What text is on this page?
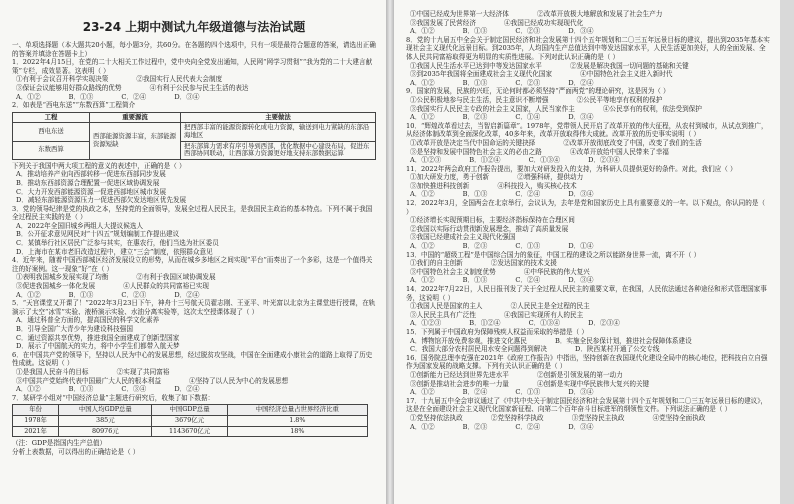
23-24 上期中测试九年级道德与法治试题

一、单项选择题（本大题共20小题，每小题3分，共60分。在各题的四个选项中，只有一项是最符合题意的答案，请选出正确的答案并填涂在答题卡上）

1．2022年4月15日，在党的二十大相关工作过程中，党中央向全党发出通知，人民网“网学习贯彻”“我为党的二十大建言献策”专栏，成效显著。这表明（ ）

①有利于会议召开科学实现决策	②我国实行人民代表大会制度
③保证会议能够用好群众路线的优势	④有利于公民参与民主生活的表达

A．①②	B．①③	C．②④	D．③④

2．如表是“西电东送”“东数西算”工程简介

工程	重要源流	主要做法
西电东送	西部能源资源丰富，东部能源资源短缺	把西部丰富的能源资源转化成电力资源，输送到电力紧缺的东部沿海地区
东数西算		把东部算力需求有序引导到西部，优化数据中心建设布局，促进东西部协同联动，让西部算力资源更好地支持东部数据运算

下列关于我国中两大项工程的意义的表述中，正确的是（ ）

A．推动培养产业向西部转移一促进东西部同步发展

B．推动东西部资源合理配置一促进区域协调发展

C．大力开发西部能源资源一促进西部地区城市发展

D．减轻东部能源资源压力一促进西部欠发达地区优先发展

3．党的领导纪律是党的执政之本，坚持党的全面领导，发展全过程人民民主，是我国民主政治的基本特点。下列不属于我国全过程民主实践的是（ ）

A．2022年全国旧城乡两组人大提议候选人

B．公开征求意见网民对“十四五”规划编制工作提出建议

C．某镇举行社区居民广泛参与其实，在惠农行，他们当选为社区委员

D．上海市在某市老旧改造过程中，建立“三会”制度，依照群众意见

4．近年来，随着中国西部城区经济发展设立的形势，从而在城乡多地区之间实现“平台”而奏出了一个多彩，这是一个值得关注的好案例。这一现象“好”在（ ）

①表明我国城乡发展实现了均衡	②有利于我国区域协调发展
③促进我国城乡一体化发展	④人民群众的共同富裕已实现

A．①②	B．①③	C．②③	D．②④

5．“天宫课堂又开课了！”2022年3月23日下午，神舟十三号航天员翟志刚、王亚平、叶光富以北京为主课堂进行授课，在轨演示了太空“冰雪”实验、液桥演示实验、水油分离实验等，这次太空授课体现了（ ）

A．通过科普全方面的，提高国民的科学文化素养

B．引导全国广大青少年为建设科技强国

C．通过资源共享优势，推进我国全面建成了创新型国家

D．展示了中国航天的实力，将中小学生们都带入航天梦

6．在中国共产党的领导下，坚持以人民为中心的发展思想，经过脱贫攻坚战，中国在全面建成小康社会的道路上取得了历史性成就。这说明（ ）

①是我国人民奋斗的目标	②实现了共同富裕
③中国共产党始终代表中国最广大人民的根本利益	④坚持了以人民为中心的发展思想

A．①②	B．①③	C．③④	D．②④

7．某研学小组对“中国经济总量”主题进行研究后，收集了如下数据：

年份	中国人均GDP总量	中国GDP总量	中国经济总量占世界经济比重
1978年	385元	3679亿元	1.8%
2021年	80976元	1143670亿元	18%

（注：GDP是指国内生产总值）

分析上表数据，可以得出的正确结论是（ ）

①中国已经成为世界第一大经济体	②改革开放极大地解放和发展了社会生产力
③我国发展了民营经济	④我国已经成功实现现代化

A．①②	B．①③	C．②③	D．③④

8．党的十九届五中全会关于制定国民经济和社会发展第十四个五年规划和二〇三五年远景目标的建议，提出到2035年基本实现社会主义现代化远景目标。到2035年，人均国内生产总值达到中等发达国家水平，人民生活更加美好，人的全面发展、全体人民共同富裕取得更为明显的实质性进展。下列对此认识正确的是（ ）

①我国人民生活水平已达到中等发达国家水平	②发展是解决我国一切问题的基础和关键
③到2035年我国将全面建成社会主义现代化国家	④中国特色社会主义进入新时代

A．①②	B．①③	C．②③	D．②④

9．国家的发展，民族的兴旺，无论何时都必须坚持“严面两党”的理论研究，这是因为（ ）

①公民积极地参与民主生活，民主意识不断增强	②公民平等地享有权利的保护
③我国实行人民民主专政的社会主义国家，人民当家作主	④公民享有的权利，依法受到保护

A．①②	B．②③	C．①④	D．③④

10．“辉煌改革看过去，当智启新篇章”。1978年，党带领人民开启了改革开放的伟大征程，从农村到城市，从试点到推广，从经济体制改革到全面深化改革，40多年来，改革开放取得伟大成就。改革开放的历史事实说明（ ）

①改革开放是决定当代中国命运的关键抉择	②改革开放彻底改变了中国，改变了我们的生活
③是坚持和发展中国特色社会主义的必由之路	④改革开放给中国人民带来了幸福

A．①②③	B．①②④	C．①③④	D．②③④

11．2022年两会政府工作报告提出，要加大对研发投入的支持，为科研人员提供更好的条件。对此，我们应（ ）

①加大研发力度，勇于创新	②增强科研，提供动力
③加快推进科技创新	④科技投入，购买核心技术

A．①②	B．①③	C．②④	D．③④

12．2022年3月，全国两会在北京举行，会议认为，去年是党和国家历史上具有重要意义的一年。以下观点，你认同的是（ ）

①经济增长实现预期目标，主要经济指标保持在合理区间

②我国以实际行动贯彻新发展理念，推动了高质量发展

③我国已经建成社会主义现代化强国

A．①②	B．②③	C．①③	D．①④

13．中国的“超级工程”是中国综合国力的象征，中国工程的建设之所以能跻身世界一流，离不开（ ）

①我们的自主创新	②发达国家的技术支援
③中国特色社会主义制度优势	④中华民族的伟大复兴

A．①②	B．①③	C．②④	D．③④

14．2022年7月22日，人民日报刊发了关于全过程人民民主的重要文章，在我国，人民依法通过各种途径和形式管理国家事务，这说明（ ）

①我国人民是国家的主人	②人民民主是全过程的民主
③人民民主具有广泛性	④我国已实现所有人的民主

A．①②③	B．①②④	C．①③④	D．②③④

15．下列属于中国政府为保障残疾人权益而采取的举措是（ ）

A．博物馆开放免费参观，推进文化惠民	B．实施全民参保计划，推进社会保障体系建设
C．我国大部分农村居民用水安全问题得到解决	D．陕西某村开通了公交专线

16．国务院总理李克强在2021年《政府工作报告》中指出，坚持创新在我国现代化建设全局中的核心地位，把科技自立自强作为国家发展的战略支撑。下列有关认识正确的是（ ）

①创新能力已经达到世界先进水平	②创新是引领发展的第一动力
③创新是推动社会进步的唯一力量	④创新是实现中华民族伟大复兴的关键

A．①②	B．②④	C．①③	D．③④

17．十九届五中全会审议通过了《中共中央关于制定国民经济和社会发展第十四个五年规划和二〇三五年远景目标的建议》，这是在全面建设社会主义现代化国家新征程、向第二个百年奋斗目标进军的纲领性文件。下列说法正确的是（ ）

①党坚持依法执政	②党坚持科学执政	③党坚持民主执政	④党坚持全面执政

A．①②	B．②③	C．②④	D．③④
